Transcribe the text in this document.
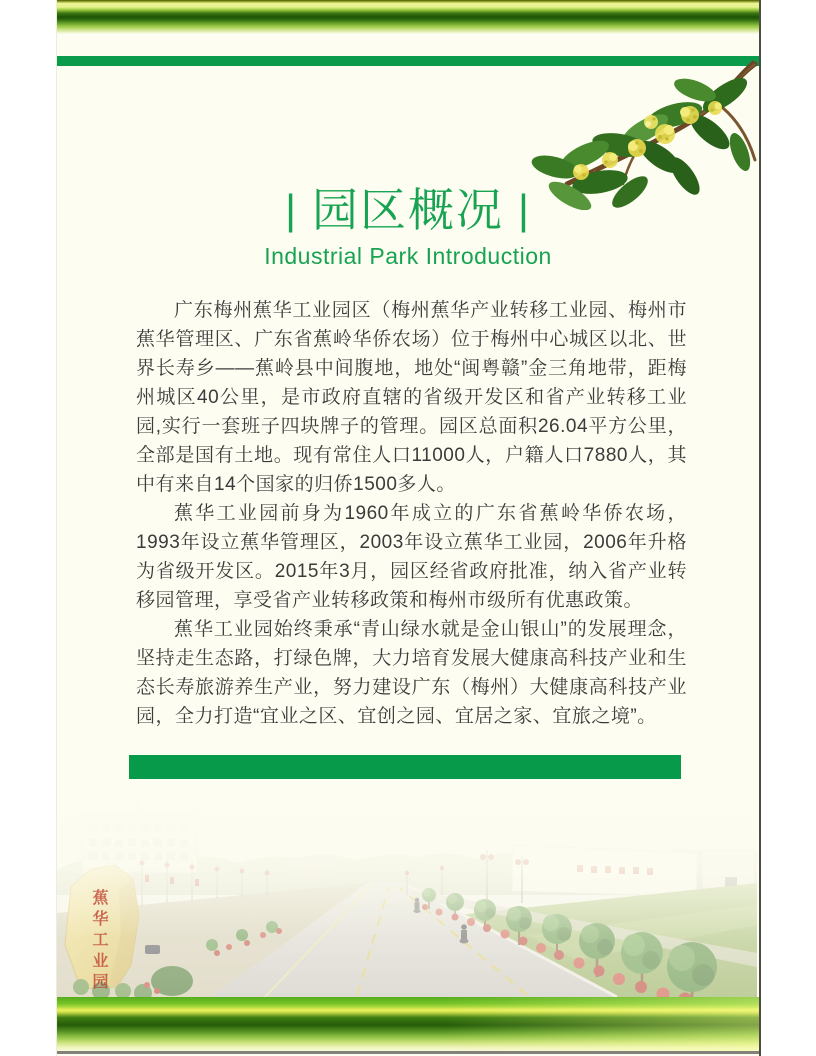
| 园区概况 |
Industrial Park Introduction

广东梅州蕉华工业园区（梅州蕉华产业转移工业园、梅州市蕉华管理区、广东省蕉岭华侨农场）位于梅州中心城区以北、世界长寿乡——蕉岭县中间腹地，地处“闽粤赣”金三角地带，距梅州城区40公里，是市政府直辖的省级开发区和省产业转移工业园,实行一套班子四块牌子的管理。园区总面积26.04平方公里，全部是国有土地。现有常住人口11000人，户籍人口7880人，其中有来自14个国家的归侨1500多人。

蕉华工业园前身为1960年成立的广东省蕉岭华侨农场，1993年设立蕉华管理区，2003年设立蕉华工业园，2006年升格为省级开发区。2015年3月，园区经省政府批准，纳入省产业转移园管理，享受省产业转移政策和梅州市级所有优惠政策。

蕉华工业园始终秉承“青山绿水就是金山银山”的发展理念，坚持走生态路，打绿色牌，大力培育发展大健康高科技产业和生态长寿旅游养生产业，努力建设广东（梅州）大健康高科技产业园，全力打造“宜业之区、宜创之园、宜居之家、宜旅之境”。

蕉华工业园
